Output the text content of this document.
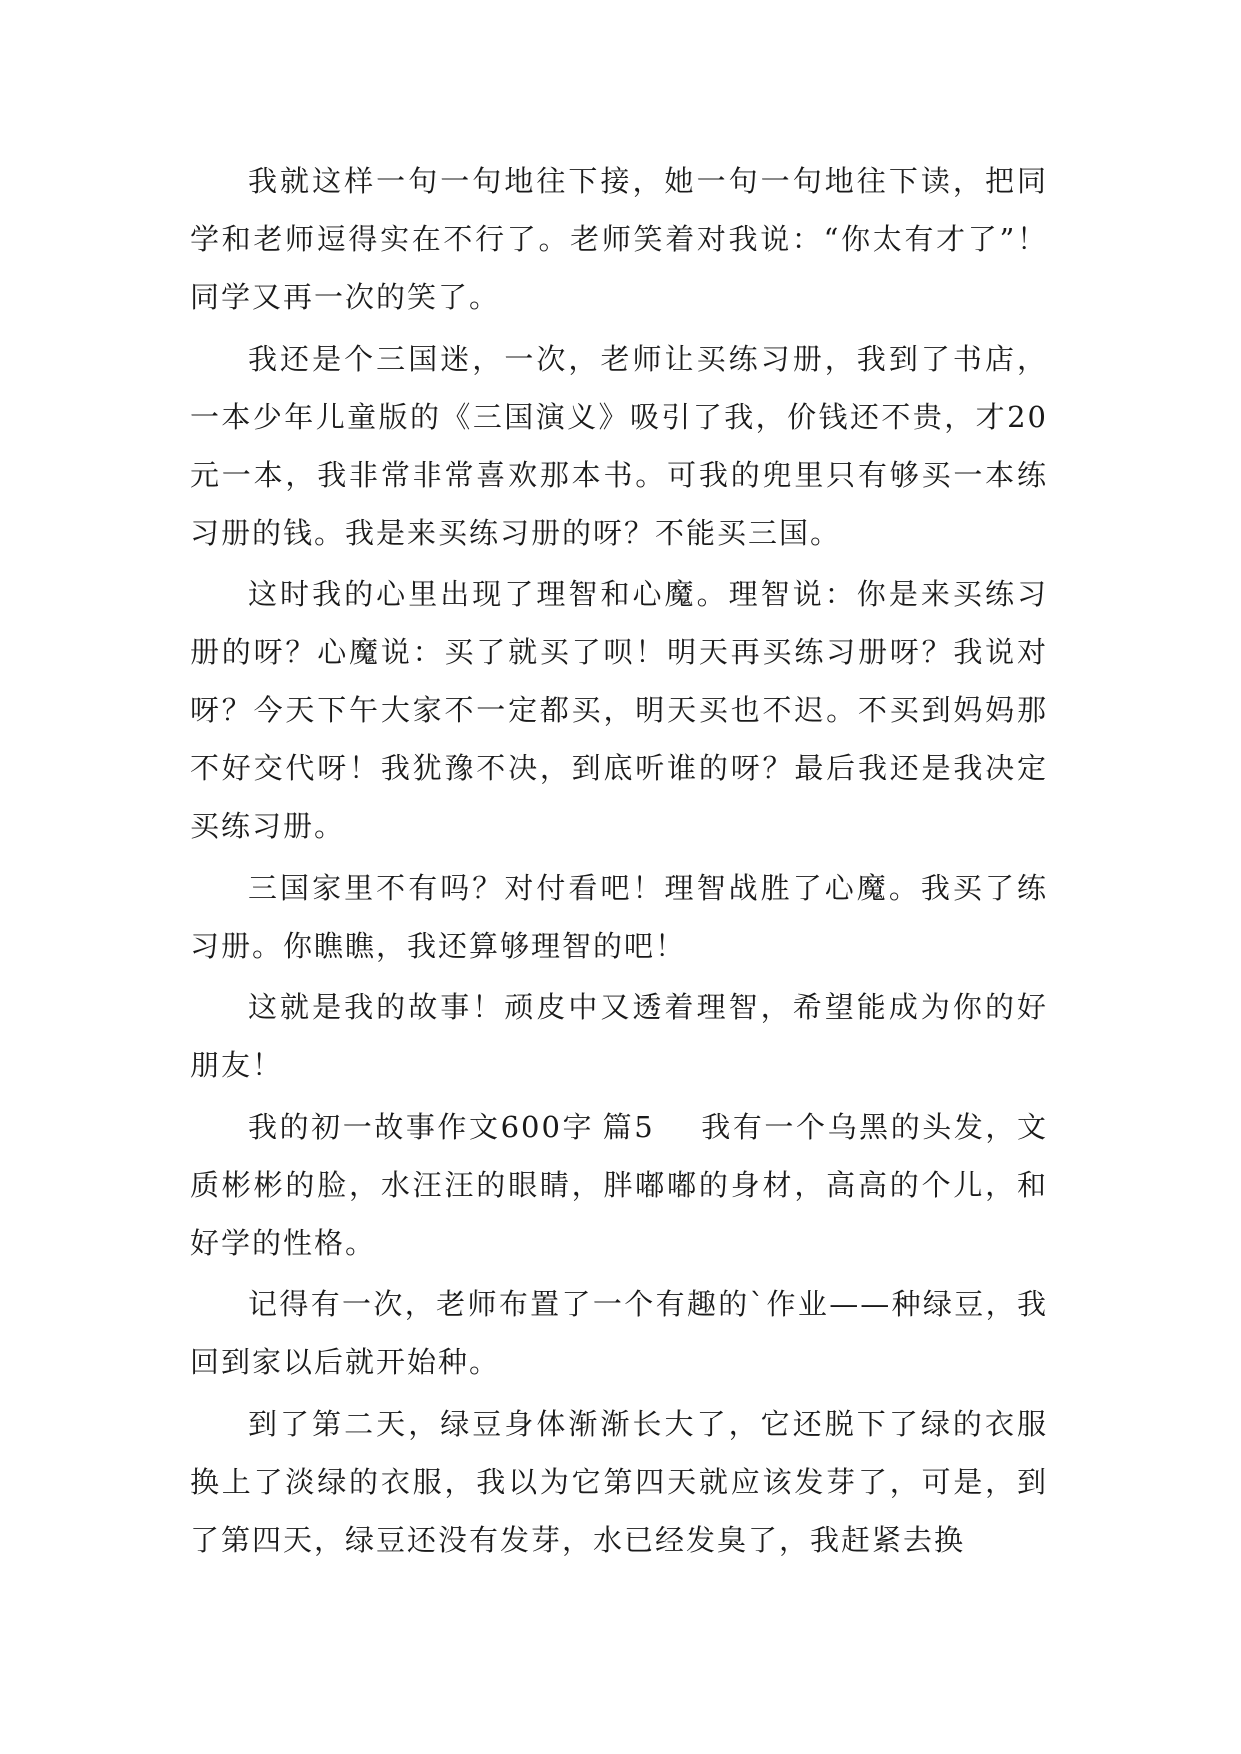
我就这样一句一句地往下接，她一句一句地往下读，把同学和老师逗得实在不行了。老师笑着对我说：“你太有才了”！同学又再一次的笑了。

我还是个三国迷，一次，老师让买练习册，我到了书店，一本少年儿童版的《三国演义》吸引了我，价钱还不贵，才20元一本，我非常非常喜欢那本书。可我的兜里只有够买一本练习册的钱。我是来买练习册的呀？不能买三国。

这时我的心里出现了理智和心魔。理智说：你是来买练习册的呀？心魔说：买了就买了呗！明天再买练习册呀？我说对呀？今天下午大家不一定都买，明天买也不迟。不买到妈妈那不好交代呀！我犹豫不决，到底听谁的呀？最后我还是我决定买练习册。

三国家里不有吗？对付看吧！理智战胜了心魔。我买了练习册。你瞧瞧，我还算够理智的吧！

这就是我的故事！顽皮中又透着理智，希望能成为你的好朋友！

我的初一故事作文600字 篇5 我有一个乌黑的头发，文质彬彬的脸，水汪汪的眼睛，胖嘟嘟的身材，高高的个儿，和好学的性格。

记得有一次，老师布置了一个有趣的`作业——种绿豆，我回到家以后就开始种。

到了第二天，绿豆身体渐渐长大了，它还脱下了绿的衣服换上了淡绿的衣服，我以为它第四天就应该发芽了，可是，到了第四天，绿豆还没有发芽，水已经发臭了，我赶紧去换
